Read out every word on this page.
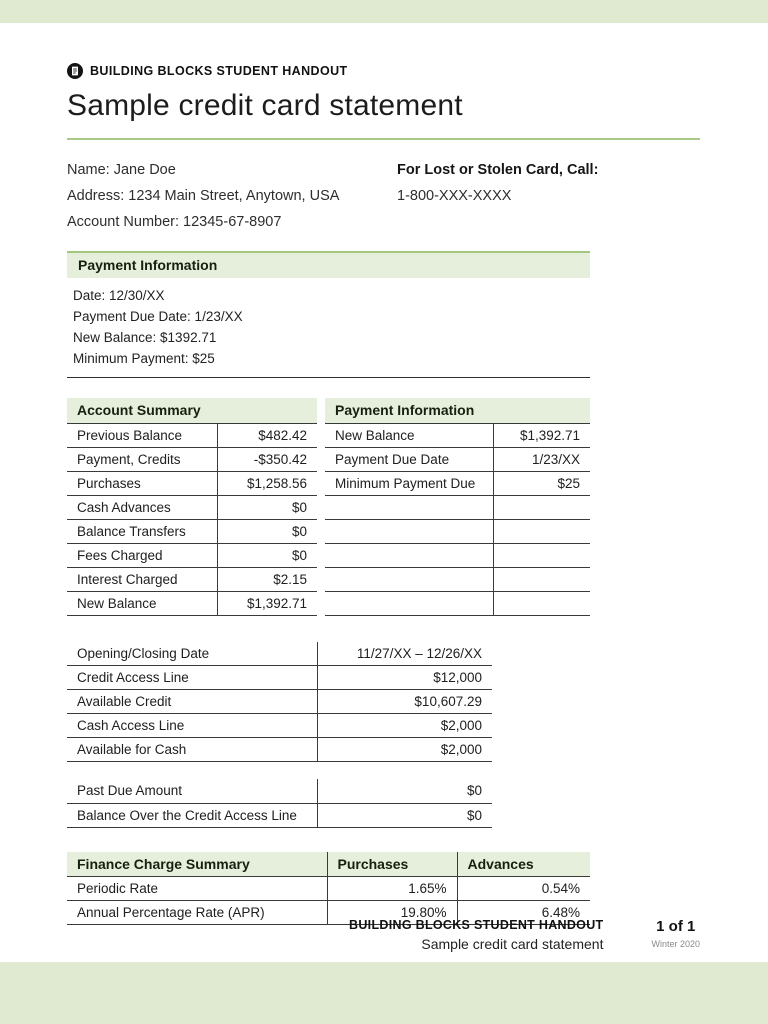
BUILDING BLOCKS STUDENT HANDOUT
Sample credit card statement
Name: Jane Doe
Address: 1234 Main Street, Anytown, USA
Account Number: 12345-67-8907
For Lost or Stolen Card, Call:
1-800-XXX-XXXX
Payment Information
Date: 12/30/XX
Payment Due Date: 1/23/XX
New Balance: $1392.71
Minimum Payment: $25
Account Summary	
Previous Balance	$482.42
Payment, Credits	-$350.42
Purchases	$1,258.56
Cash Advances	$0
Balance Transfers	$0
Fees Charged	$0
Interest Charged	$2.15
New Balance	$1,392.71
Payment Information	
New Balance	$1,392.71
Payment Due Date	1/23/XX
Minimum Payment Due	$25

Opening/Closing Date	11/27/XX – 12/26/XX
Credit Access Line	$12,000
Available Credit	$10,607.29
Cash Access Line	$2,000
Available for Cash	$2,000
Past Due Amount	$0
Balance Over the Credit Access Line	$0
Finance Charge Summary	Purchases	Advances
Periodic Rate	1.65%	0.54%
Annual Percentage Rate (APR)	19.80%	6.48%
BUILDING BLOCKS STUDENT HANDOUT
Sample credit card statement
1 of 1
Winter 2020
